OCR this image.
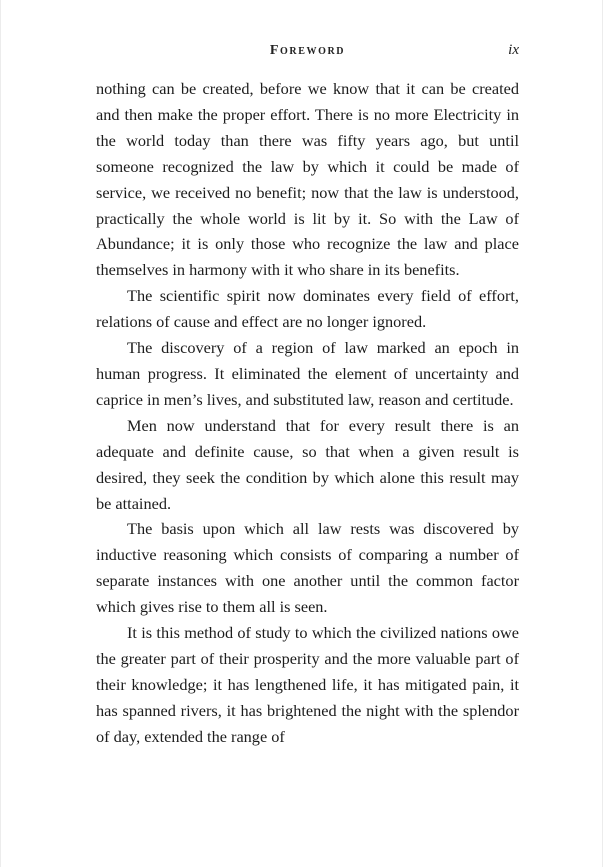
Foreword	ix

nothing can be created, before we know that it can be created and then make the proper effort. There is no more Electricity in the world today than there was fifty years ago, but until someone recognized the law by which it could be made of service, we received no benefit; now that the law is understood, practically the whole world is lit by it. So with the Law of Abundance; it is only those who recognize the law and place themselves in harmony with it who share in its benefits.

The scientific spirit now dominates every field of effort, relations of cause and effect are no longer ignored.

The discovery of a region of law marked an epoch in human progress. It eliminated the element of uncertainty and caprice in men’s lives, and substituted law, reason and certitude.

Men now understand that for every result there is an adequate and definite cause, so that when a given result is desired, they seek the condition by which alone this result may be attained.

The basis upon which all law rests was discovered by inductive reasoning which consists of comparing a number of separate instances with one another until the common factor which gives rise to them all is seen.

It is this method of study to which the civilized nations owe the greater part of their prosperity and the more valuable part of their knowledge; it has lengthened life, it has mitigated pain, it has spanned rivers, it has brightened the night with the splendor of day, extended the range of
